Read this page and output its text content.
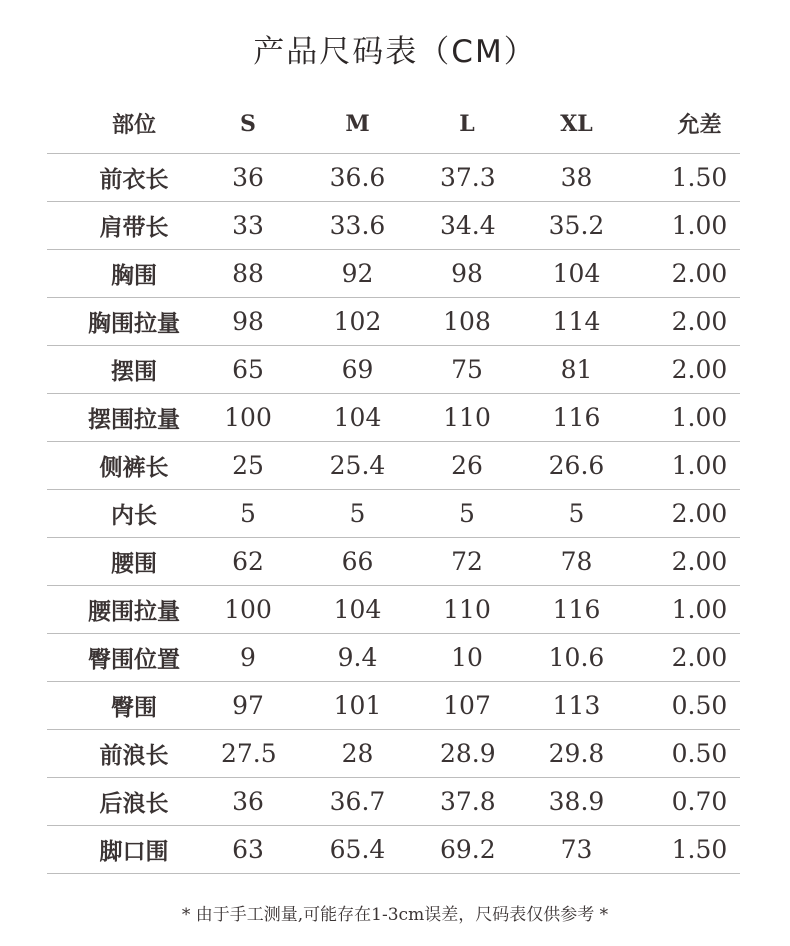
产品尺码表（CM）
部位	S	M	L	XL	允差
前衣长	36	36.6	37.3	38	1.50
肩带长	33	33.6	34.4	35.2	1.00
胸围	88	92	98	104	2.00
胸围拉量	98	102	108	114	2.00
摆围	65	69	75	81	2.00
摆围拉量	100	104	110	116	1.00
侧裤长	25	25.4	26	26.6	1.00
内长	5	5	5	5	2.00
腰围	62	66	72	78	2.00
腰围拉量	100	104	110	116	1.00
臀围位置	9	9.4	10	10.6	2.00
臀围	97	101	107	113	0.50
前浪长	27.5	28	28.9	29.8	0.50
后浪长	36	36.7	37.8	38.9	0.70
脚口围	63	65.4	69.2	73	1.50
* 由于手工测量,可能存在1-3cm误差，尺码表仅供参考 *
